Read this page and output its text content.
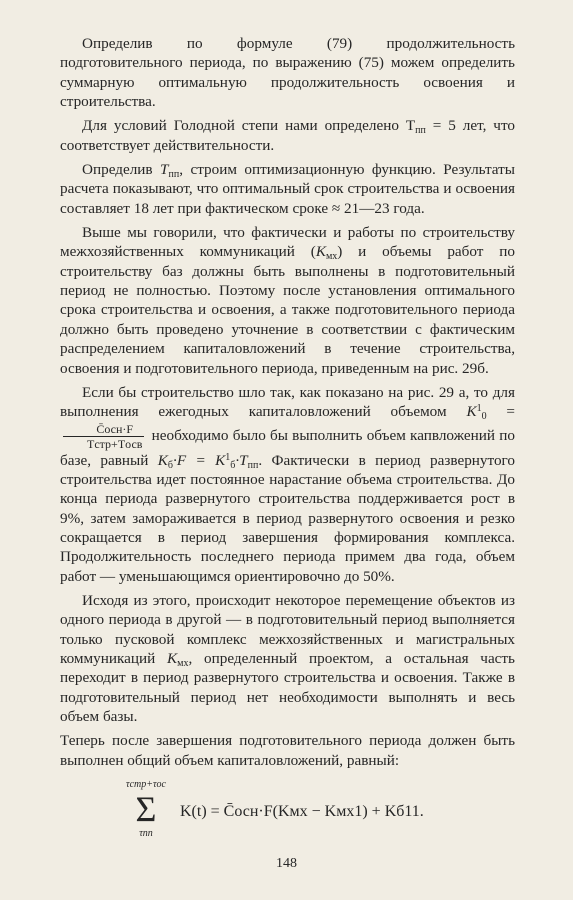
Определив по формуле (79) продолжительность подготовительного периода, по выражению (75) можем определить суммарную оптимальную продолжительность освоения и строительства.

Для условий Голодной степи нами определено $T_{пп} = 5$ лет, что соответствует действительности.

Определив $T_{пп}$, строим оптимизационную функцию. Результаты расчета показывают, что оптимальный срок строительства и освоения составляет 18 лет при фактическом сроке ≈ 21—23 года.

Выше мы говорили, что фактически и работы по строительству межхозяйственных коммуникаций $(K_{мх})$ и объемы работ по строительству баз должны быть выполнены в подготовительный период не полностью. Поэтому после установления оптимального срока строительства и освоения, а также подготовительного периода должно быть проведено уточнение в соответствии с фактическим распределением капиталовложений в течение строительства, освоения и подготовительного периода, приведенным на рис. 29б.

Если бы строительство шло так, как показано на рис. 29 а, то для выполнения ежегодных капиталовложений объемом $K^1_0$ =
$\frac{\text{C̄осн·F}}{\text{Tстр+Tосв}}$ необходимо было бы выполнить объем капвложений по базе, равный $K_б\cdot F = K^1_б\cdot T_{пп}$. Фактически в период развернутого строительства идет постоянное нарастание объема строительства. До конца периода развернутого строительства поддерживается рост в 9%, затем замораживается в период развернутого освоения и резко сокращается в период завершения формирования комплекса. Продолжительность последнего периода примем два года, объем работ — уменьшающимся ориентировочно до 50%.

Исходя из этого, происходит некоторое перемещение объектов из одного периода в другой — в подготовительный период выполняется только пусковой комплекс межхозяйственных и магистральных коммуникаций $K_{мх}$, определенный проектом, а остальная часть переходит в период развернутого строительства и освоения. Также в подготовительный период нет необходимости выполнять и весь объем базы.

Теперь после завершения подготовительного периода должен быть выполнен общий объем капиталовложений, равный:

τстр+τос
Σ
τпп
K(t) = C̄осн·F(Kмх − Kмх1) + Kб11.
148
